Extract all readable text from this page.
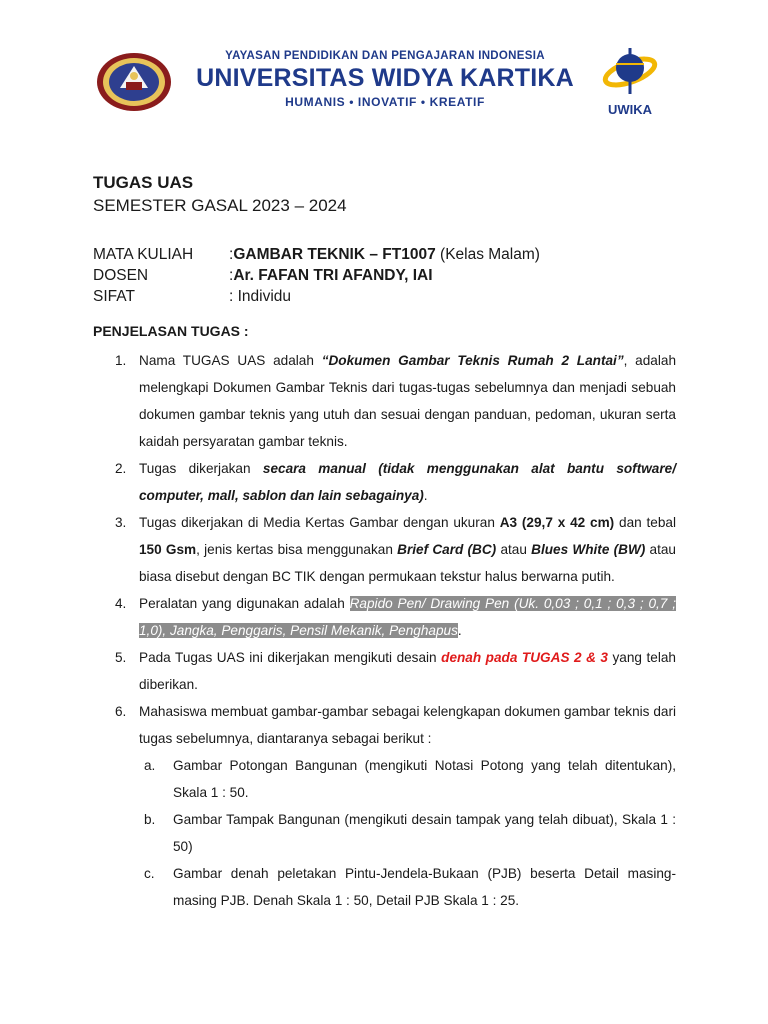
YAYASAN PENDIDIKAN DAN PENGAJARAN INDONESIA
UNIVERSITAS WIDYA KARTIKA
HUMANIS • INOVATIF • KREATIF	UWIKA
TUGAS UAS
SEMESTER GASAL 2023 – 2024
MATA KULIAH :GAMBAR TEKNIK – FT1007 (Kelas Malam)
DOSEN	:Ar. FAFAN TRI AFANDY, IAI
SIFAT	: Individu
PENJELASAN TUGAS :
1. Nama TUGAS UAS adalah “Dokumen Gambar Teknis Rumah 2 Lantai”, adalah melengkapi Dokumen Gambar Teknis dari tugas-tugas sebelumnya dan menjadi sebuah dokumen gambar teknis yang utuh dan sesuai dengan panduan, pedoman, ukuran serta kaidah persyaratan gambar teknis.
2. Tugas dikerjakan secara manual (tidak menggunakan alat bantu software/ computer, mall, sablon dan lain sebagainya).
3. Tugas dikerjakan di Media Kertas Gambar dengan ukuran A3 (29,7 x 42 cm) dan tebal 150 Gsm, jenis kertas bisa menggunakan Brief Card (BC) atau Blues White (BW) atau biasa disebut dengan BC TIK dengan permukaan tekstur halus berwarna putih.
4. Peralatan yang digunakan adalah Rapido Pen/ Drawing Pen (Uk. 0,03 ; 0,1 ; 0,3 ; 0,7 ; 1,0), Jangka, Penggaris, Pensil Mekanik, Penghapus.
5. Pada Tugas UAS ini dikerjakan mengikuti desain denah pada TUGAS 2 & 3 yang telah diberikan.
6. Mahasiswa membuat gambar-gambar sebagai kelengkapan dokumen gambar teknis dari tugas sebelumnya, diantaranya sebagai berikut :
a. Gambar Potongan Bangunan (mengikuti Notasi Potong yang telah ditentukan), Skala 1 : 50.
b. Gambar Tampak Bangunan (mengikuti desain tampak yang telah dibuat), Skala 1 : 50)
c. Gambar denah peletakan Pintu-Jendela-Bukaan (PJB) beserta Detail masing-masing PJB. Denah Skala 1 : 50, Detail PJB Skala 1 : 25.
